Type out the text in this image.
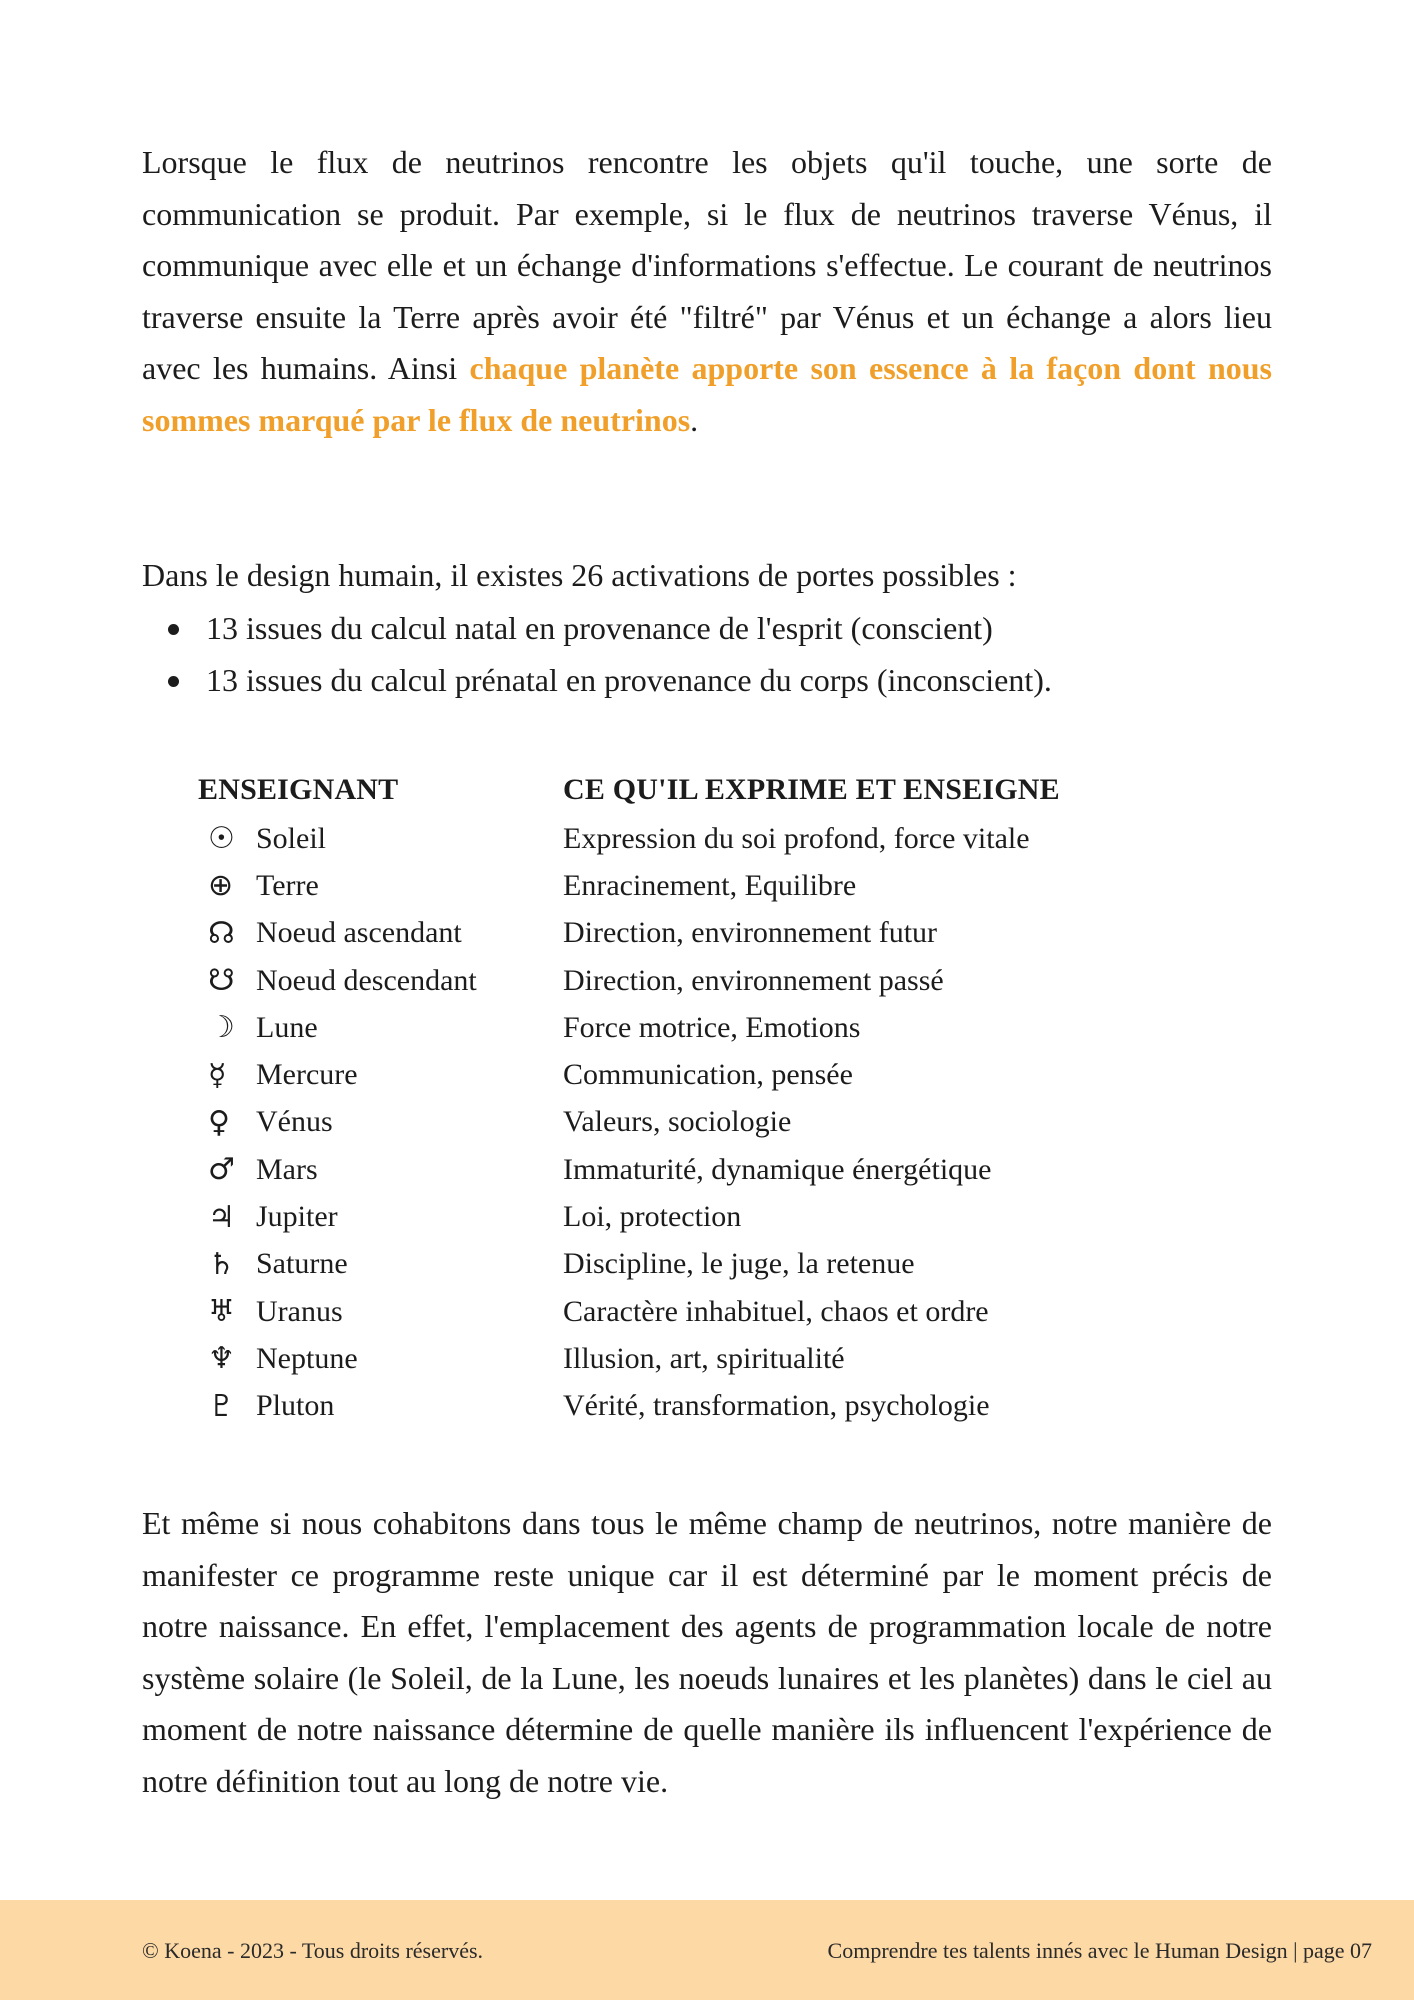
Lorsque le flux de neutrinos rencontre les objets qu'il touche, une sorte de communication se produit. Par exemple, si le flux de neutrinos traverse Vénus, il communique avec elle et un échange d'informations s'effectue. Le courant de neutrinos traverse ensuite la Terre après avoir été "filtré" par Vénus et un échange a alors lieu avec les humains. Ainsi chaque planète apporte son essence à la façon dont nous sommes marqué par le flux de neutrinos.

Dans le design humain, il existes 26 activations de portes possibles :

13 issues du calcul natal en provenance de l'esprit (conscient)
13 issues du calcul prénatal en provenance du corps (inconscient).
ENSEIGNANT	CE QU'IL EXPRIME ET ENSEIGNE
☉ Soleil	Expression du soi profond, force vitale
⊕ Terre	Enracinement, Equilibre
☊ Noeud ascendant	Direction, environnement futur
☋ Noeud descendant	Direction, environnement passé
☽ Lune	Force motrice, Emotions
☿ Mercure	Communication, pensée
♀ Vénus	Valeurs, sociologie
♂ Mars	Immaturité, dynamique énergétique
♃ Jupiter	Loi, protection
♄ Saturne	Discipline, le juge, la retenue
♅ Uranus	Caractère inhabituel, chaos et ordre
♆ Neptune	Illusion, art, spiritualité
♇ Pluton	Vérité, transformation, psychologie

Et même si nous cohabitons dans tous le même champ de neutrinos, notre manière de manifester ce programme reste unique car il est déterminé par le moment précis de notre naissance. En effet, l'emplacement des agents de programmation locale de notre système solaire (le Soleil, de la Lune, les noeuds lunaires et les planètes) dans le ciel au moment de notre naissance détermine de quelle manière ils influencent l'expérience de notre définition tout au long de notre vie.

© Koena - 2023 - Tous droits réservés.	Comprendre tes talents innés avec le Human Design | page 07
